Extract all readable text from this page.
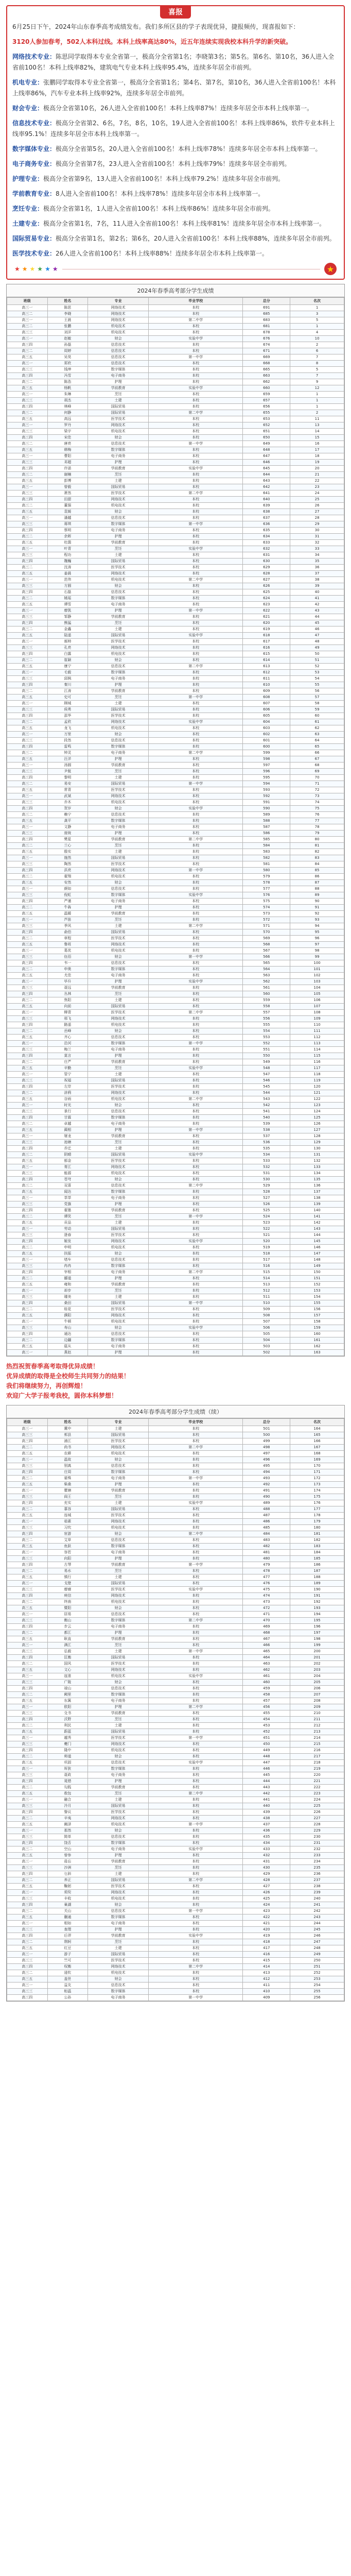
喜报

6月25日下午，2024年山东春季高考成绩发布。我们多所区县的学子表现优异，捷报频传，现喜报如下：

3120人参加春考，502人本科过线。本科上线率高达80%，近五年连续实现我校本科升学的新突破。

网络技术专业：陈思同学取得本专业全省第一，极高分全省第1名；李晓第3名；第5名。第6名、第10名，36人进入全省前100名！本科上线率82%，建筑电气专业本科上线率95.4%，连续多年居全市前列。

机电专业：张鹏同学取得本专业全省第一，极高分全省第1名；第4名、第7名，第10名，36人进入全省前100名！本科上线率86%，汽车专业本科上线率92%，连续多年居全市前列。

财会专业：极高分全省第10名，26人进入全省前100名！本科上线率87%！连续多年居全市本科上线率第一。

信息技术专业：极高分全省第2、6名，7名，8名，10名，19人进入全省前100名！本科上线率86%，软件专业本科上线率95.1%！连续多年居全市本科上线率第一。

数字媒体专业：极高分全省第5名，20人进入全省前100名！本科上线率78%！连续多年居全市本科上线率第一。

电子商务专业：极高分全省第7名，23人进入全省前100名！本科上线率79%！连续多年居全市前列。

护理专业：极高分全省第9名，13人进入全省前100名！本科上线率79.2%！连续多年居全市前列。

学前教育专业：8人进入全省前100名！本科上线率78%！连续多年居全市本科上线率第一。

烹饪专业：极高分全省第1名，1人进入全省前100名！本科上线率86%！连续多年居全市前列。

土建专业：极高分全省第1名，7名，11人进入全省前100名！本科上线率81%！连续多年居全市本科上线率第一。

国际贸易专业：极高分全省第1名，第2名；第6名，20人进入全省前100名！本科上线率88%，连续多年居全市前列。

医学技术专业：26人进入全省前100名！本科上线率88%！连续多年居全市本科上线率第一。

★ ★ ★ ★ ★ ★	★
2024年春季高考部分学生成绩
班级	姓名	专业	毕业学校	总分	名次
高三一	陈思	网络技术	本校	691	1
高三二	李晓	网络技术	本校	685	3
高三一	王晨	网络技术	第二中学	683	5
高三二	张鹏	机电技术	本校	681	1
高三三	刘洋	机电技术	本校	678	4
高三一	赵敏	财会	实验中学	676	10
高三四	孙磊	信息技术	本校	674	2
高三二	周婷	信息技术	本校	671	6
高三五	吴昊	信息技术	第一中学	669	7
高三一	郑欣	信息技术	本校	668	8
高三三	钱坤	数字媒体	本校	665	5
高三四	冯雪	电子商务	本校	663	7
高三二	陈浩	护理	本校	662	9
高三五	杨帆	学前教育	实验中学	660	12
高三一	朱琳	烹饪	本校	659	1
高三三	胡杰	土建	本校	657	1
高三四	林峰	国际贸易	本校	656	1
高三二	何静	国际贸易	第二中学	655	2
高三五	高远	医学技术	本校	653	11
高三一	罗丹	网络技术	本校	652	13
高三三	梁宇	机电技术	本校	651	14
高三四	宋佳	财会	本校	650	15
高三二	唐亮	信息技术	第一中学	649	16
高三五	韩梅	数字媒体	本校	648	17
高三一	曹阳	电子商务	本校	647	18
高三三	邓超	护理	本校	646	19
高三四	许诺	学前教育	实验中学	645	20
高三二	谢楠	烹饪	本校	644	21
高三五	彭博	土建	本校	643	22
高三一	曾毅	国际贸易	本校	642	23
高三三	萧然	医学技术	第二中学	641	24
高三四	田甜	网络技术	本校	640	25
高三二	董强	机电技术	本校	639	26
高三五	袁媛	财会	本校	638	27
高三一	潘越	信息技术	本校	637	28
高三三	蒋琪	数字媒体	第一中学	636	29
高三四	蔡明	电子商务	本校	635	30
高三二	余晖	护理	本校	634	31
高三五	杜鹃	学前教育	本校	633	32
高三一	叶青	烹饪	实验中学	632	33
高三三	程功	土建	本校	631	34
高三四	魏巍	国际贸易	本校	630	35
高三二	沈涛	医学技术	本校	629	36
高三五	姜晨	网络技术	本校	628	37
高三一	范伟	机电技术	第二中学	627	38
高三三	方圆	财会	本校	626	39
高三四	石磊	信息技术	本校	625	40
高三二	姚瑶	数字媒体	本校	624	41
高三五	谭雪	电子商务	本校	623	42
高三一	廖凯	护理	第一中学	622	43
高三三	邹静	学前教育	本校	621	44
高三四	熊猛	烹饪	本校	620	45
高三二	金鑫	土建	本校	619	46
高三五	陆遥	国际贸易	实验中学	618	47
高三一	郝帅	医学技术	本校	617	48
高三三	孔亮	网络技术	本校	616	49
高三四	白露	机电技术	本校	615	50
高三二	崔颖	财会	本校	614	51
高三五	康宁	信息技术	第二中学	613	52
高三一	毛毅	数字媒体	本校	612	53
高三三	邱枫	电子商务	本校	611	54
高三四	秦川	护理	本校	610	55
高三二	江涛	学前教育	本校	609	56
高三五	史可	烹饪	第一中学	608	57
高三一	顾城	土建	本校	607	58
高三三	侯勇	国际贸易	本校	606	59
高三四	邵华	医学技术	本校	605	60
高三二	孟欣	网络技术	实验中学	604	61
高三五	龙飞	机电技术	本校	603	62
高三一	万里	财会	本校	602	63
高三三	段然	信息技术	本校	601	64
高三四	雷鸣	数字媒体	本校	600	65
高三二	钟灵	电子商务	第二中学	599	66
高三五	汪洋	护理	本校	598	67
高三一	汤圆	学前教育	本校	597	68
高三三	尹航	烹饪	本校	596	69
高三四	黎明	土建	本校	595	70
高三二	易安	国际贸易	第一中学	594	71
高三五	常青	医学技术	本校	593	72
高三一	武斌	网络技术	本校	592	73
高三三	乔木	机电技术	本校	591	74
高三四	贺岁	财会	实验中学	590	75
高三二	赖宁	信息技术	本校	589	76
高三五	龚平	数字媒体	本校	588	77
高三一	文静	电子商务	本校	587	78
高三三	庞统	护理	本校	586	79
高三四	樊星	学前教育	第二中学	585	80
高三二	兰心	烹饪	本校	584	81
高三五	殷实	土建	本校	583	82
高三一	施然	国际贸易	本校	582	83
高三三	陶然	医学技术	本校	581	84
高三四	洪亮	网络技术	第一中学	580	85
高三二	翟翔	机电技术	本校	579	86
高三五	安然	财会	本校	578	87
高三一	颜如	信息技术	本校	577	88
高三三	倪虹	数字媒体	实验中学	576	89
高三四	严谨	电子商务	本校	575	90
高三二	牛犇	护理	本校	574	91
高三五	温暖	学前教育	本校	573	92
高三一	芦笛	烹饪	本校	572	93
高三三	季风	土建	第二中学	571	94
高三四	俞伯	国际贸易	本校	570	95
高三二	章程	医学技术	本校	569	96
高三五	鲁班	网络技术	本校	568	97
高三一	葛优	机电技术	本校	567	98
高三三	伍佰	财会	第一中学	566	99
高三四	韦一	信息技术	本校	565	100
高三二	申奥	数字媒体	本校	564	101
高三五	尤佳	电子商务	本校	563	102
高三一	毕升	护理	实验中学	562	103
高三三	聂远	学前教育	本校	561	104
高三四	丛林	烹饪	本校	560	105
高三二	焦阳	土建	本校	559	106
高三五	向前	国际贸易	本校	558	107
高三一	柳青	医学技术	第二中学	557	108
高三三	邢飞	网络技术	本校	556	109
高三四	路遥	机电技术	本校	555	110
高三二	岳峰	财会	本校	554	111
高三五	齐心	信息技术	本校	553	112
高三一	沿河	数字媒体	第一中学	552	113
高三三	梅兰	电子商务	本校	551	114
高三四	莫言	护理	本校	550	115
高三二	庄严	学前教育	本校	549	116
高三五	辛勤	烹饪	实验中学	548	117
高三一	管宁	土建	本校	547	118
高三三	祝福	国际贸易	本校	546	119
高三四	左岸	医学技术	本校	545	120
高三二	涂鸦	网络技术	本校	544	121
高三五	谷雨	机电技术	第二中学	543	122
高三一	时光	财会	本校	542	123
高三三	景行	信息技术	本校	541	124
高三四	甘霖	数字媒体	本校	540	125
高三二	卓越	电子商务	本校	539	126
高三五	蔺相	护理	第一中学	538	127
高三一	屠龙	学前教育	本校	537	128
高三三	池塘	烹饪	本校	536	129
高三四	乔迁	土建	本校	535	130
高三二	阴晴	国际贸易	实验中学	534	131
高三五	郁金	医学技术	本校	533	132
高三一	胥江	网络技术	本校	532	133
高三三	能源	机电技术	本校	531	134
高三四	苍穹	财会	本校	530	135
高三二	双喜	信息技术	第二中学	529	136
高三五	闻达	数字媒体	本校	528	137
高三一	莘莘	电子商务	本校	527	138
高三三	党旗	护理	本校	526	139
高三四	翟墨	学前教育	本校	525	140
高三二	谭笑	烹饪	第一中学	524	141
高三五	贡品	土建	本校	523	142
高三一	劳动	国际贸易	本校	522	143
高三三	逄春	医学技术	本校	521	144
高三四	姬发	网络技术	实验中学	520	145
高三二	申明	机电技术	本校	519	146
高三五	扶摇	财会	本校	518	147
高三一	堵车	信息技术	本校	517	148
高三三	冉冉	数字媒体	本校	516	149
高三四	宰相	电子商务	第二中学	515	150
高三二	郦道	护理	本校	514	151
高三五	雍和	学前教育	本校	513	152
高三一	却步	烹饪	本校	512	153
高三三	璩美	土建	本校	511	154
高三四	桑田	国际贸易	第一中学	510	155
高三二	桂花	医学技术	本校	509	156
高三五	濮阳	网络技术	本校	508	157
高三一	牛顿	机电技术	本校	507	158
高三三	寿山	财会	实验中学	506	159
高三四	通达	信息技术	本校	505	160
高三二	边疆	数字媒体	本校	504	161
高三五	扈从	电子商务	本校	503	162
高三一	燕赵	护理	本校	502	163

热烈祝贺春季高考取得优异成绩！

优异成绩的取得是全校师生共同努力的结果！

我们将继续努力，再创辉煌！

欢迎广大学子报考我校，圆你本科梦想！

2024年春季高考部分学生成绩（续）
班级	姓名	专业	毕业学校	总分	名次
高三一	冀中	土建	本校	501	164
高三三	郏县	国际贸易	本校	500	165
高三四	浦江	医学技术	本校	499	166
高三二	尚书	网络技术	第二中学	498	167
高三五	农耕	机电技术	本校	497	168
高三一	温故	财会	本校	496	169
高三三	别离	信息技术	本校	495	170
高三四	庄周	数字媒体	本校	494	171
高三二	晏殊	电子商务	第一中学	493	172
高三五	柴桑	护理	本校	492	173
高三一	瞿塘	学前教育	本校	491	174
高三三	阎王	烹饪	本校	490	175
高三四	充实	土建	实验中学	489	176
高三二	慕容	国际贸易	本校	488	177
高三五	连城	医学技术	本校	487	178
高三一	茹素	网络技术	本校	486	179
高三三	习坎	机电技术	本校	485	180
高三四	宦游	财会	第二中学	484	181
高三二	艾草	信息技术	本校	483	182
高三五	鱼跃	数字媒体	本校	482	183
高三一	容若	电子商务	本校	481	184
高三三	向阳	护理	本校	480	185
高三四	古琴	学前教育	第一中学	479	186
高三二	易水	烹饪	本校	478	187
高三五	慎行	土建	本校	477	188
高三一	戈壁	国际贸易	本校	476	189
高三三	廖廓	医学技术	实验中学	475	190
高三四	庾信	网络技术	本校	474	191
高三二	终南	机电技术	本校	473	192
高三五	暨阳	财会	本校	472	193
高三一	居易	信息技术	本校	471	194
高三三	衡山	数字媒体	第二中学	470	195
高三四	步云	电子商务	本校	469	196
高三二	都江	护理	本校	468	197
高三五	耿直	学前教育	本校	467	198
高三一	满江	烹饪	本校	466	199
高三三	弘毅	土建	第一中学	465	200
高三四	匡衡	国际贸易	本校	464	201
高三二	国风	医学技术	本校	463	202
高三五	文心	网络技术	本校	462	203
高三一	寇准	机电技术	实验中学	461	204
高三三	广陵	财会	本校	460	205
高三四	禄山	信息技术	本校	459	206
高三二	阙里	数字媒体	本校	458	207
高三五	东篱	电子商务	本校	457	208
高三一	欧阳	护理	第二中学	456	209
高三三	殳书	学前教育	本校	455	210
高三四	沃野	烹饪	本校	454	211
高三二	利民	土建	本校	453	212
高三五	蔚蓝	国际贸易	本校	452	213
高三一	越秀	医学技术	第一中学	451	214
高三三	夔门	网络技术	本校	450	215
高三四	隆中	机电技术	本校	449	216
高三二	师道	财会	本校	448	217
高三五	巩固	信息技术	实验中学	447	218
高三一	厍狄	数字媒体	本校	446	219
高三三	聂政	电子商务	本校	445	220
高三四	晁错	护理	本校	444	221
高三二	勾践	学前教育	本校	443	222
高三五	敖包	烹饪	第二中学	442	223
高三一	融合	土建	本校	441	224
高三三	冷月	国际贸易	本校	440	225
高三四	訾议	医学技术	本校	439	226
高三二	辛夷	网络技术	本校	438	227
高三五	阚泽	机电技术	第一中学	437	228
高三一	那然	财会	本校	436	229
高三三	简单	信息技术	本校	435	230
高三四	饶舌	数字媒体	本校	434	231
高三二	空山	电子商务	实验中学	433	232
高三五	曾参	护理	本校	432	233
高三一	毋忘	学前教育	本校	431	234
高三三	沙洲	烹饪	本校	430	235
高三四	乜斜	土建	本校	429	236
高三二	养正	国际贸易	第二中学	428	237
高三五	鞠躬	医学技术	本校	427	238
高三一	须臾	网络技术	本校	426	239
高三三	丰收	机电技术	本校	425	240
高三四	巢湖	财会	本校	424	241
高三二	关山	信息技术	第一中学	423	242
高三五	蒯通	数字媒体	本校	422	243
高三一	相如	电子商务	本校	421	244
高三三	查理	护理	本校	420	245
高三四	后羿	学前教育	实验中学	419	246
高三二	荆轲	烹饪	本校	418	247
高三五	红豆	土建	本校	417	248
高三一	游子	国际贸易	本校	416	249
高三三	竺可	医学技术	本校	415	250
高三四	权衡	网络技术	第二中学	414	251
高三二	逯钦	机电技术	本校	413	252
高三五	盖世	财会	本校	412	253
高三一	益友	信息技术	本校	411	254
高三三	桓温	数字媒体	本校	410	255
高三四	公孙	电子商务	第一中学	409	256
